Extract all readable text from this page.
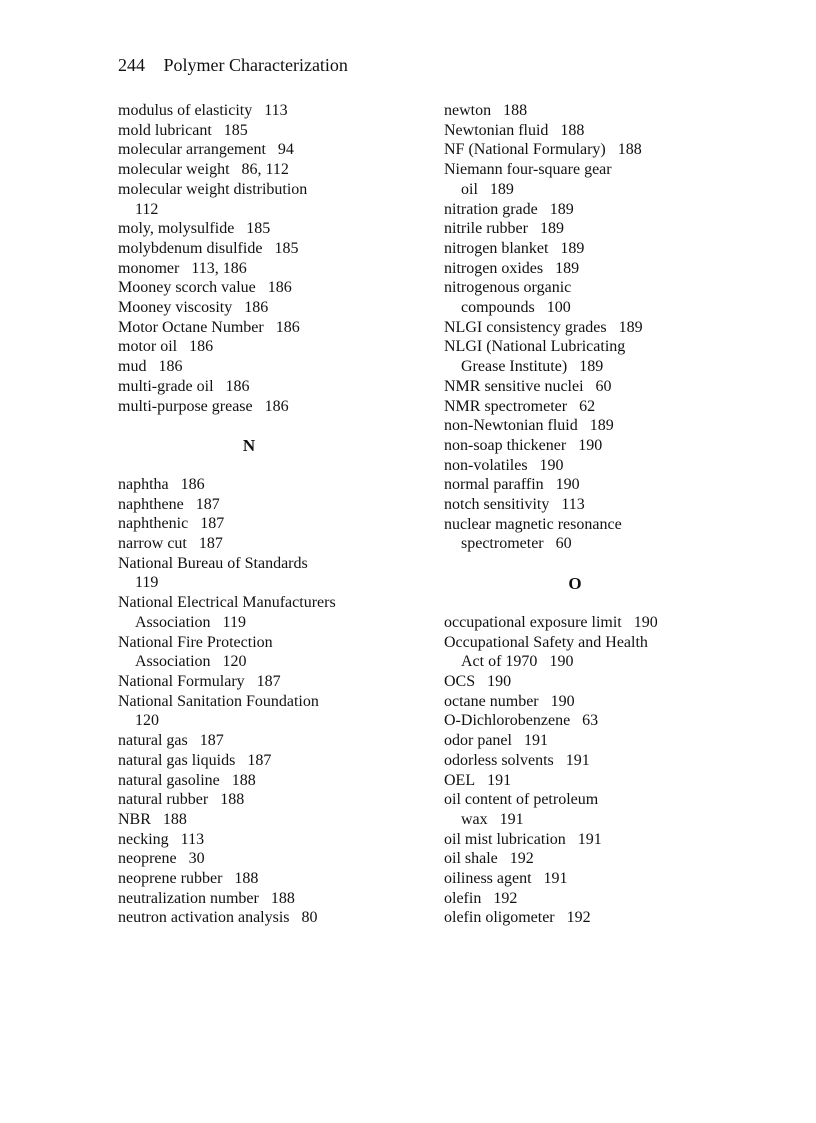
244 Polymer Characterization
modulus of elasticity 113
mold lubricant 185
molecular arrangement 94
molecular weight 86, 112
molecular weight distribution
112
moly, molysulfide 185
molybdenum disulfide 185
monomer 113, 186
Mooney scorch value 186
Mooney viscosity 186
Motor Octane Number 186
motor oil 186
mud 186
multi-grade oil 186
multi-purpose grease 186
N
naphtha 186
naphthene 187
naphthenic 187
narrow cut 187
National Bureau of Standards
119
National Electrical Manufacturers
Association 119
National Fire Protection
Association 120
National Formulary 187
National Sanitation Foundation
120
natural gas 187
natural gas liquids 187
natural gasoline 188
natural rubber 188
NBR 188
necking 113
neoprene 30
neoprene rubber 188
neutralization number 188
neutron activation analysis 80
newton 188
Newtonian fluid 188
NF (National Formulary) 188
Niemann four-square gear
oil 189
nitration grade 189
nitrile rubber 189
nitrogen blanket 189
nitrogen oxides 189
nitrogenous organic
compounds 100
NLGI consistency grades 189
NLGI (National Lubricating
Grease Institute) 189
NMR sensitive nuclei 60
NMR spectrometer 62
non-Newtonian fluid 189
non-soap thickener 190
non-volatiles 190
normal paraffin 190
notch sensitivity 113
nuclear magnetic resonance
spectrometer 60
O
occupational exposure limit 190
Occupational Safety and Health
Act of 1970 190
OCS 190
octane number 190
O-Dichlorobenzene 63
odor panel 191
odorless solvents 191
OEL 191
oil content of petroleum
wax 191
oil mist lubrication 191
oil shale 192
oiliness agent 191
olefin 192
olefin oligometer 192
